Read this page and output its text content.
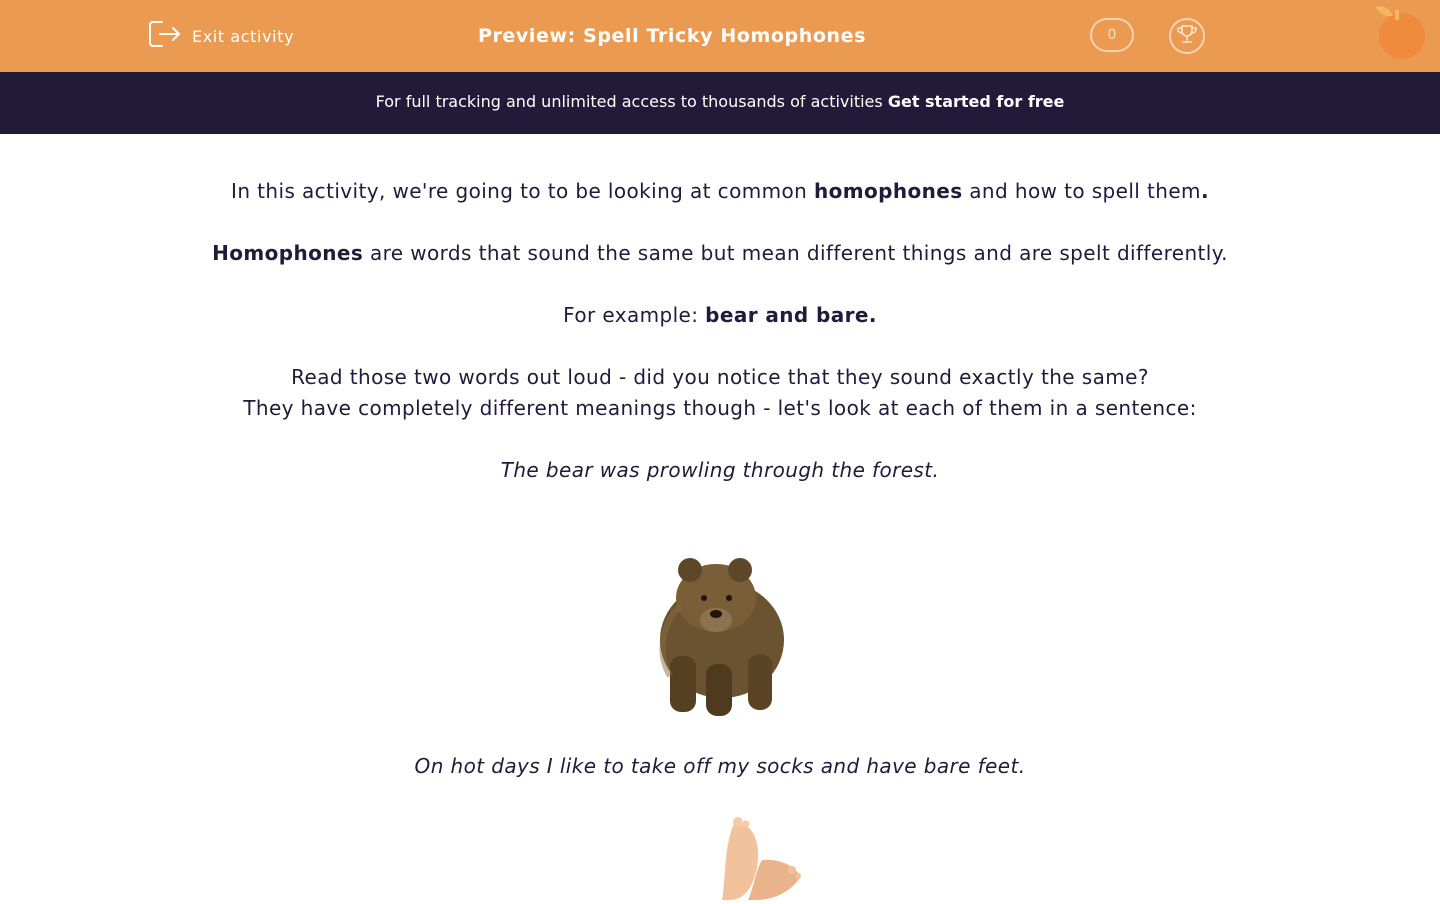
Exit activity	Preview: Spell Tricky Homophones	0
For full tracking and unlimited access to thousands of activities Get started for free
In this activity, we're going to to be looking at common homophones and how to spell them.
Homophones are words that sound the same but mean different things and are spelt differently.
For example: bear and bare.
Read those two words out loud - did you notice that they sound exactly the same?
They have completely different meanings though - let's look at each of them in a sentence:
The bear was prowling through the forest.
On hot days I like to take off my socks and have bare feet.
